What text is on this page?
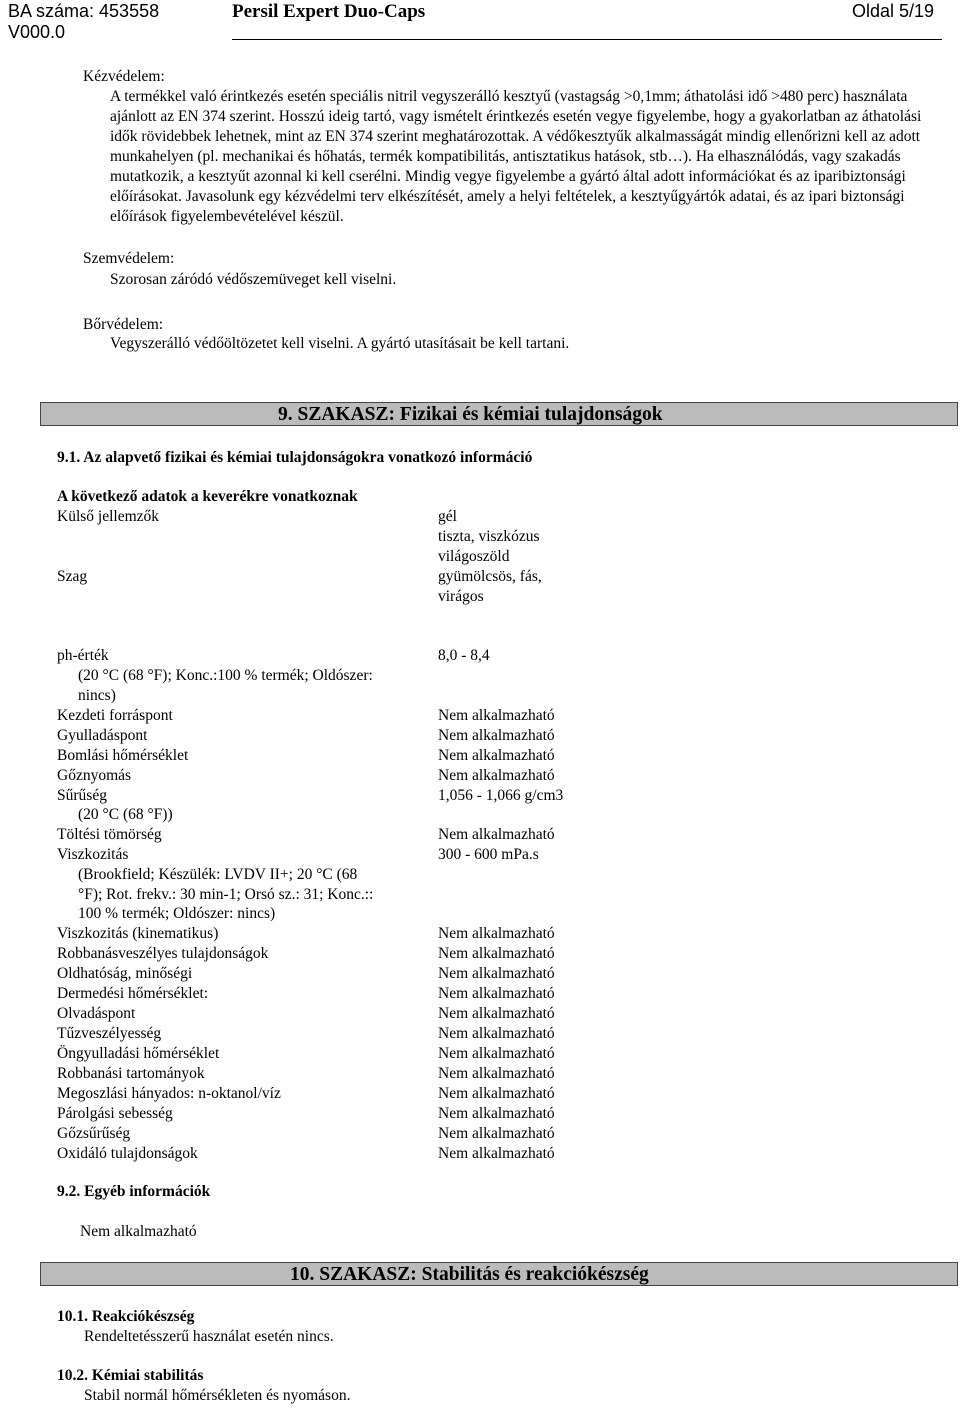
BA száma: 453558
V000.0
Persil Expert Duo-Caps	Oldal 5/19
Kézvédelem:
A termékkel való érintkezés esetén speciális nitril vegyszerálló kesztyű (vastagság >0,1mm; áthatolási idő >480 perc) használata ajánlott az EN 374 szerint. Hosszú ideig tartó, vagy ismételt érintkezés esetén vegye figyelembe, hogy a gyakorlatban az áthatolási idők rövidebbek lehetnek, mint az EN 374 szerint meghatározottak. A védőkesztyűk alkalmasságát mindig ellenőrizni kell az adott munkahelyen (pl. mechanikai és hőhatás, termék kompatibilitás, antisztatikus hatások, stb…). Ha elhasználódás, vagy szakadás mutatkozik, a kesztyűt azonnal ki kell cserélni. Mindig vegye figyelembe a gyártó által adott információkat és az iparibiztonsági előírásokat. Javasolunk egy kézvédelmi terv elkészítését, amely a helyi feltételek, a kesztyűgyártók adatai, és az ipari biztonsági előírások figyelembevételével készül.
Szemvédelem:
Szorosan záródó védőszemüveget kell viselni.
Bőrvédelem:
Vegyszerálló védőöltözetet kell viselni. A gyártó utasításait be kell tartani.
9. SZAKASZ: Fizikai és kémiai tulajdonságok
9.1. Az alapvető fizikai és kémiai tulajdonságokra vonatkozó információ
A következő adatok a keverékre vonatkoznak
Külső jellemzők	gél
tiszta, viszkózus
világoszöld
Szag	gyümölcsös, fás,
virágos
ph-érték	8,0 - 8,4
(20 °C (68 °F); Konc.:100 % termék; Oldószer:
nincs)
Kezdeti forráspont	Nem alkalmazható
Gyulladáspont	Nem alkalmazható
Bomlási hőmérséklet	Nem alkalmazható
Gőznyomás	Nem alkalmazható
Sűrűség	1,056 - 1,066 g/cm3
(20 °C (68 °F))
Töltési tömörség	Nem alkalmazható
Viszkozitás	300 - 600 mPa.s
(Brookfield; Készülék: LVDV II+; 20 °C (68
°F); Rot. frekv.: 30 min-1; Orsó sz.: 31; Konc.::
100 % termék; Oldószer: nincs)
Viszkozitás (kinematikus)	Nem alkalmazható
Robbanásveszélyes tulajdonságok	Nem alkalmazható
Oldhatóság, minőségi	Nem alkalmazható
Dermedési hőmérséklet:	Nem alkalmazható
Olvadáspont	Nem alkalmazható
Tűzveszélyesség	Nem alkalmazható
Öngyulladási hőmérséklet	Nem alkalmazható
Robbanási tartományok	Nem alkalmazható
Megoszlási hányados: n-oktanol/víz	Nem alkalmazható
Párolgási sebesség	Nem alkalmazható
Gőzsűrűség	Nem alkalmazható
Oxidáló tulajdonságok	Nem alkalmazható
9.2. Egyéb információk
Nem alkalmazható
10. SZAKASZ: Stabilitás és reakciókészség
10.1. Reakciókészség
Rendeltetésszerű használat esetén nincs.
10.2. Kémiai stabilitás
Stabil normál hőmérsékleten és nyomáson.
